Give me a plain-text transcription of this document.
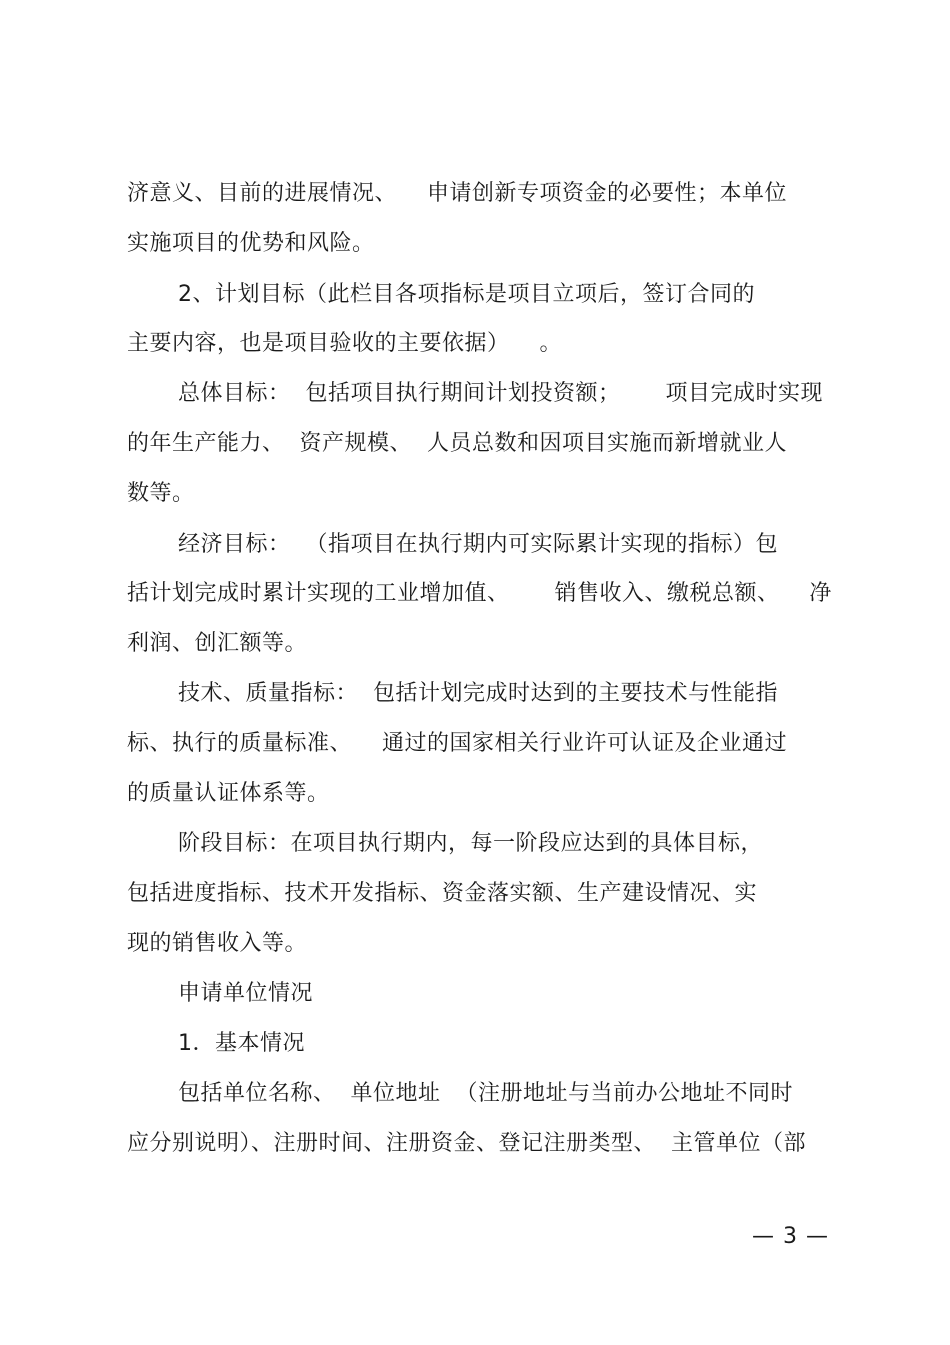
济意义、目前的进展情况、    申请创新专项资金的必要性；本单位
实施项目的优势和风险。
2、计划目标（此栏目各项指标是项目立项后，签订合同的
主要内容，也是项目验收的主要依据）    。
总体目标：  包括项目执行期间计划投资额；      项目完成时实现
的年生产能力、  资产规模、  人员总数和因项目实施而新增就业人
数等。
经济目标：  （指项目在执行期内可实际累计实现的指标）包
括计划完成时累计实现的工业增加值、      销售收入、缴税总额、    净
利润、创汇额等。
技术、质量指标：  包括计划完成时达到的主要技术与性能指
标、执行的质量标准、    通过的国家相关行业许可认证及企业通过
的质量认证体系等。
阶段目标：在项目执行期内，每一阶段应达到的具体目标，
包括进度指标、技术开发指标、资金落实额、生产建设情况、实
现的销售收入等。
申请单位情况
1．基本情况
包括单位名称、  单位地址  （注册地址与当前办公地址不同时
应分别说明）、注册时间、注册资金、登记注册类型、  主管单位（部
— 3 —
